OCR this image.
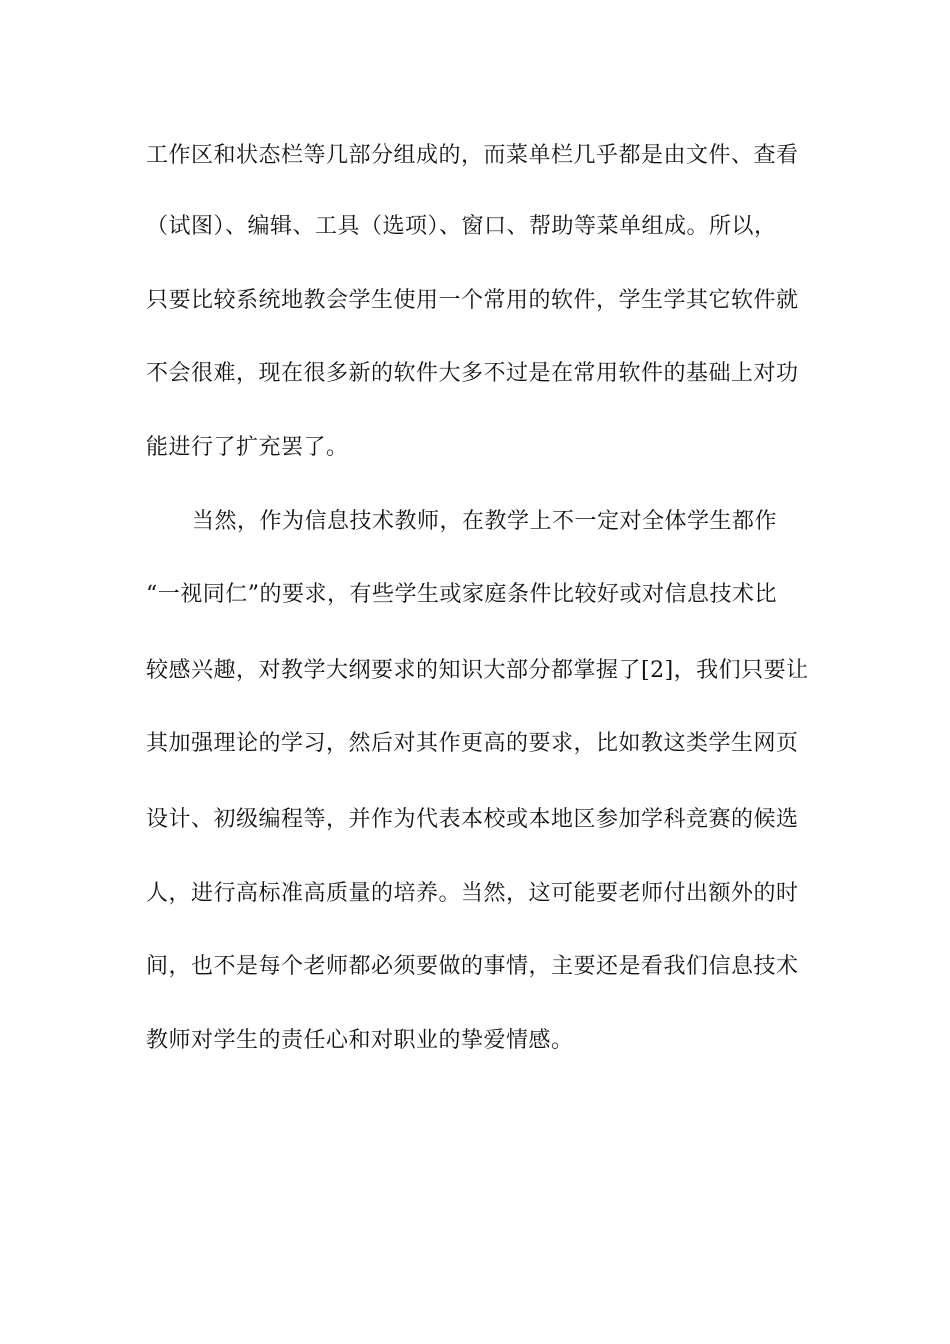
工作区和状态栏等几部分组成的，而菜单栏几乎都是由文件、查看
（试图）、编辑、工具（选项）、窗口、帮助等菜单组成。所以，
只要比较系统地教会学生使用一个常用的软件，学生学其它软件就
不会很难，现在很多新的软件大多不过是在常用软件的基础上对功
能进行了扩充罢了。
当然，作为信息技术教师，在教学上不一定对全体学生都作
“一视同仁”的要求，有些学生或家庭条件比较好或对信息技术比
较感兴趣，对教学大纲要求的知识大部分都掌握了[2]，我们只要让
其加强理论的学习，然后对其作更高的要求，比如教这类学生网页
设计、初级编程等，并作为代表本校或本地区参加学科竞赛的候选
人，进行高标准高质量的培养。当然，这可能要老师付出额外的时
间，也不是每个老师都必须要做的事情，主要还是看我们信息技术
教师对学生的责任心和对职业的挚爱情感。
